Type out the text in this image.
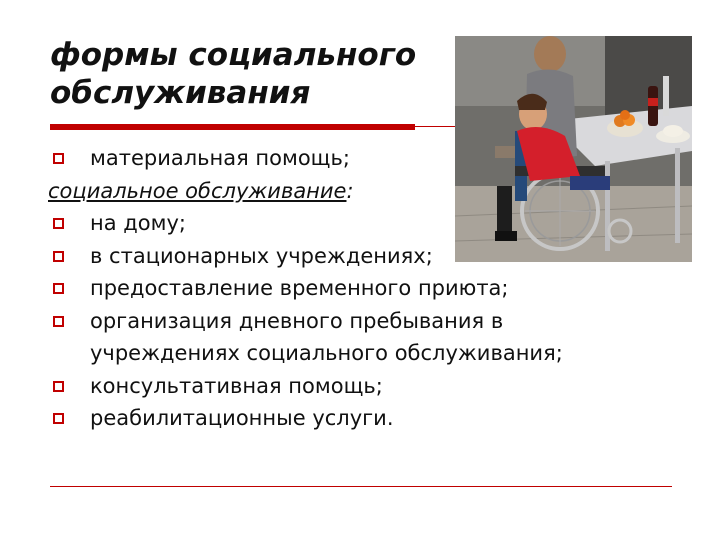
формы социального
обслуживания
материальная помощь;
социальное обслуживание:
на дому;
в стационарных учреждениях;
предоставление временного приюта;
организация дневного пребывания в
учреждениях социального обслуживания;
консультативная помощь;
реабилитационные услуги.
